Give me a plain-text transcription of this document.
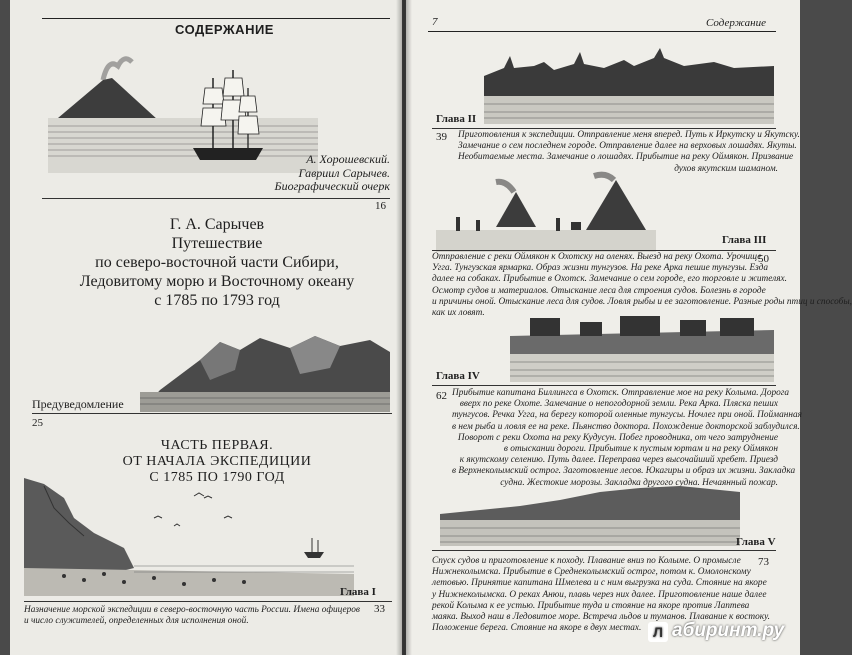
СОДЕРЖАНИЕ
А. Хорошевский.
Гавриил Сарычев.
Биографический очерк
16
Г. А. Сарычев
Путешествие
по северо-восточной части Сибири,
Ледовитому морю и Восточному океану
с 1785 по 1793 год
Предуведомление
25
ЧАСТЬ ПЕРВАЯ.
ОТ НАЧАЛА ЭКСПЕДИЦИИ
С 1785 ПО 1790 ГОД
Глава I
Назначение морской экспедиции в северо-восточную часть России. Имена офицеров
и число служителей, определенных для исполнения оной.
33
7	Содержание
Глава II
39 Приготовления к экспедиции. Отправление меня вперед. Путь к Иркутску и Якутску.
Замечание о сем последнем городе. Отправление далее на верховых лошадях. Якуты.
Необитаемые места. Замечание о лошадях. Прибытие на реку Оймякон. Призвание
духов якутским шаманом.
Глава III
50
Отправление с реки Оймякон к Охотску на оленях. Выезд на реку Охота. Урочище
Угга. Тунгузская ярмарка. Образ жизни тунгузов. На реке Арка пешие тунгузы. Езда
далее на собаках. Прибытие в Охотск. Замечание о сем городе, его торговле и жителях.
Осмотр судов и материалов. Отыскание леса для строения судов. Болезнь в городе
и причины оной. Отыскание леса для судов. Ловля рыбы и ее заготовление. Разные роды птиц и способы,
как их ловят.
Глава IV
62 Прибытие капитана Биллингса в Охотск. Отправление мое на реку Колыма. Дорога
вверх по реке Охоте. Замечание о непогодорной земли. Река Арка. Пляска пеших
тунгусов. Речка Угга, на берегу которой оленные тунгусы. Ночлег при оной. Пойманная
в нем рыба и ловля ее на реке. Пьянство доктора. Похождение докторской заблудился.
Поворот с реки Охота на реку Кудусун. Побег проводника, от чего затруднение
в отыскании дороги. Прибытие к пустым юртам и на реку Оймякон
к якутскому селению. Путь далее. Переправа через высочайший хребет. Приезд
в Верхнеколымский острог. Заготовление лесов. Юкагиры и образ их жизни. Закладка
судна. Жестокие морозы. Закладка другого судна. Нечаянный пожар.
Глава V
73
Спуск судов и приготовление к походу. Плавание вниз по Колыме. О промысле
Нижнеколымска. Прибытие в Среднеколымский острог, потом к. Омолонскому
летовью. Принятие капитана Шмелева и с ним выгрузка на суда. Стояние на якоре
у Нижнеколымска. О реках Анюи, плавь через них далее. Приготовление наше далее
рекой Колыма к ее устью. Прибытие туда и стояние на якоре против Лаптева
маяка. Выход наш в Ледовитое море. Встреча льдов и туманов. Плавание к востоку.
Положение берега. Стояние на якоре в двух местах. Л абиринт.ру
